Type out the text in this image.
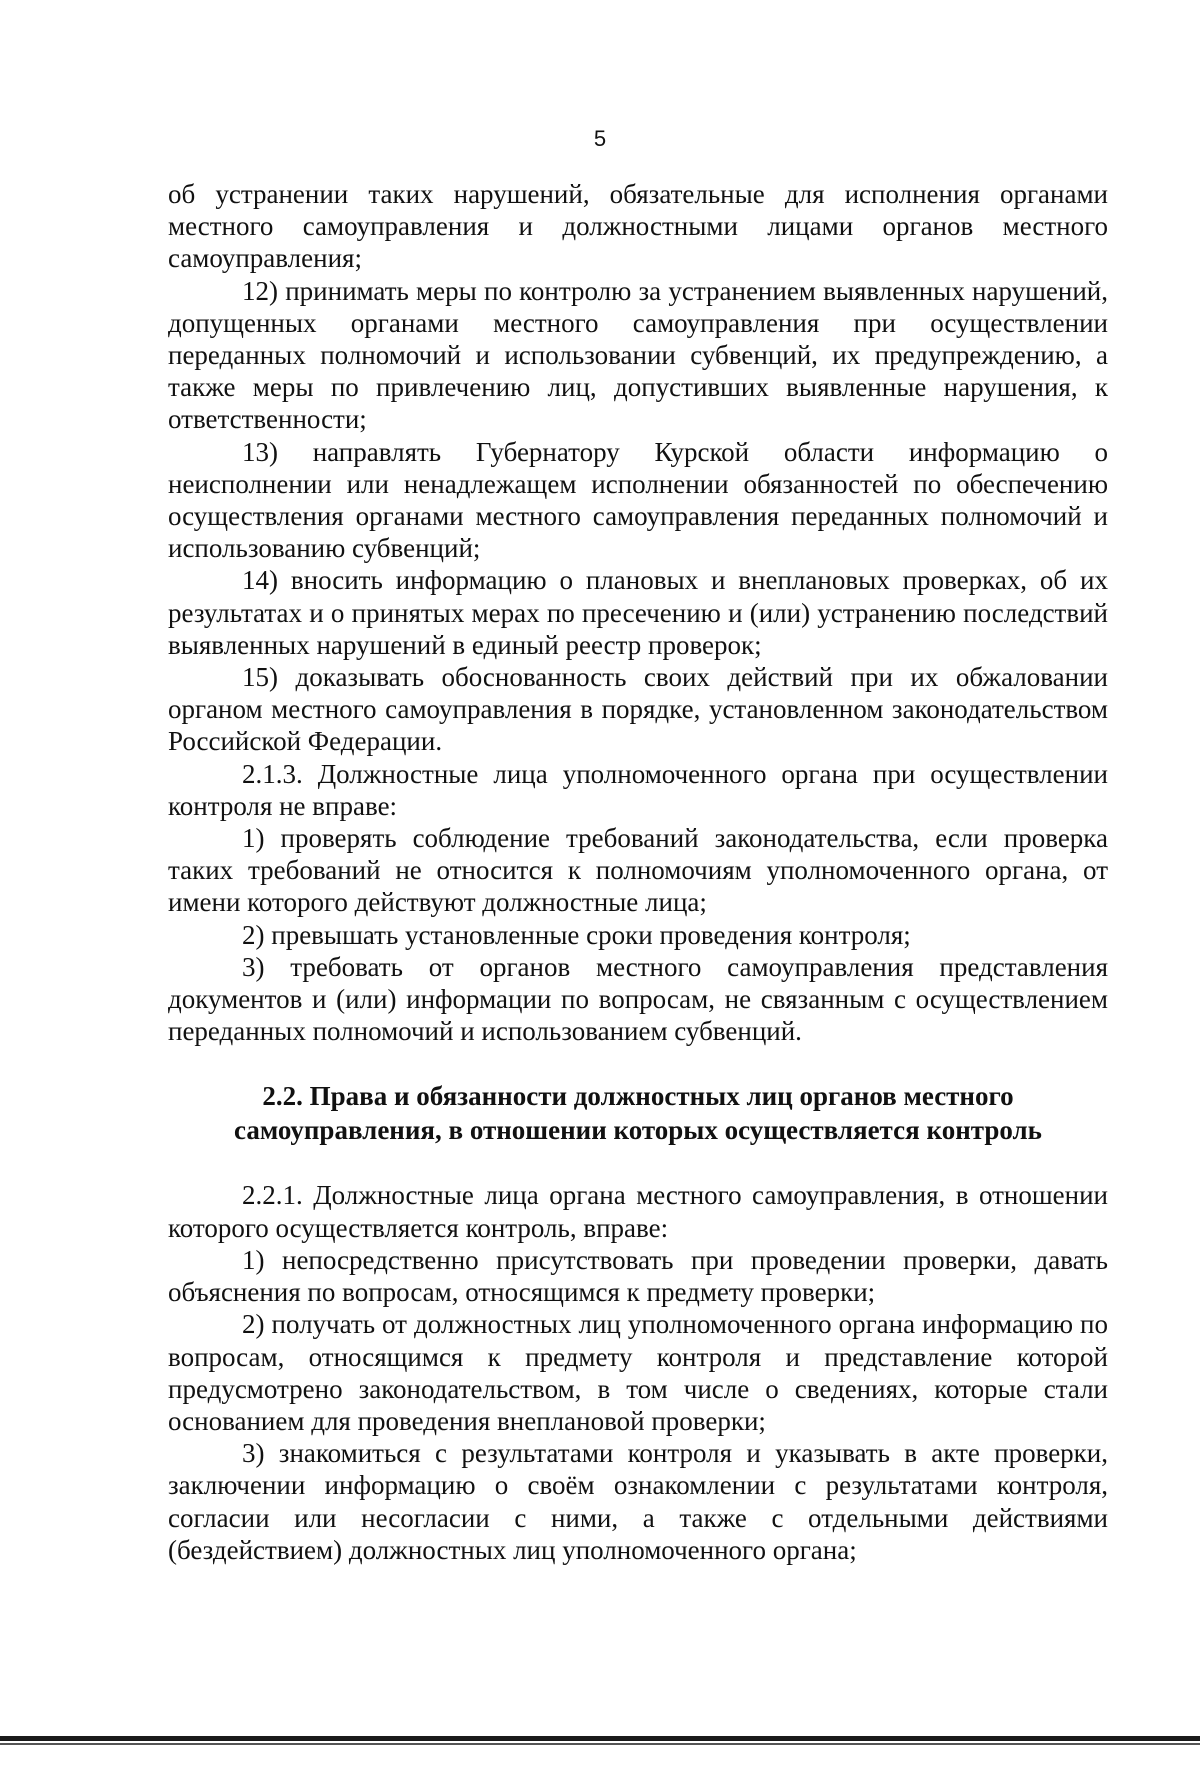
5

об устранении таких нарушений, обязательные для исполнения органами местного самоуправления и должностными лицами органов местного самоуправления;

12) принимать меры по контролю за устранением выявленных нарушений, допущенных органами местного самоуправления при осуществлении переданных полномочий и использовании субвенций, их предупреждению, а также меры по привлечению лиц, допустивших выявленные нарушения, к ответственности;

13) направлять Губернатору Курской области информацию о неисполнении или ненадлежащем исполнении обязанностей по обеспечению осуществления органами местного самоуправления переданных полномочий и использованию субвенций;

14) вносить информацию о плановых и внеплановых проверках, об их результатах и о принятых мерах по пресечению и (или) устранению последствий выявленных нарушений в единый реестр проверок;

15) доказывать обоснованность своих действий при их обжаловании органом местного самоуправления в порядке, установленном законодательством Российской Федерации.

2.1.3. Должностные лица уполномоченного органа при осуществлении контроля не вправе:

1) проверять соблюдение требований законодательства, если проверка таких требований не относится к полномочиям уполномоченного органа, от имени которого действуют должностные лица;

2) превышать установленные сроки проведения контроля;

3) требовать от органов местного самоуправления представления документов и (или) информации по вопросам, не связанным с осуществлением переданных полномочий и использованием субвенций.

2.2. Права и обязанности должностных лиц органов местного
самоуправления, в отношении которых осуществляется контроль

2.2.1. Должностные лица органа местного самоуправления, в отношении которого осуществляется контроль, вправе:

1) непосредственно присутствовать при проведении проверки, давать объяснения по вопросам, относящимся к предмету проверки;

2) получать от должностных лиц уполномоченного органа информацию по вопросам, относящимся к предмету контроля и представление которой предусмотрено законодательством, в том числе о сведениях, которые стали основанием для проведения внеплановой проверки;

3) знакомиться с результатами контроля и указывать в акте проверки, заключении информацию о своём ознакомлении с результатами контроля, согласии или несогласии с ними, а также с отдельными действиями (бездействием) должностных лиц уполномоченного органа;
